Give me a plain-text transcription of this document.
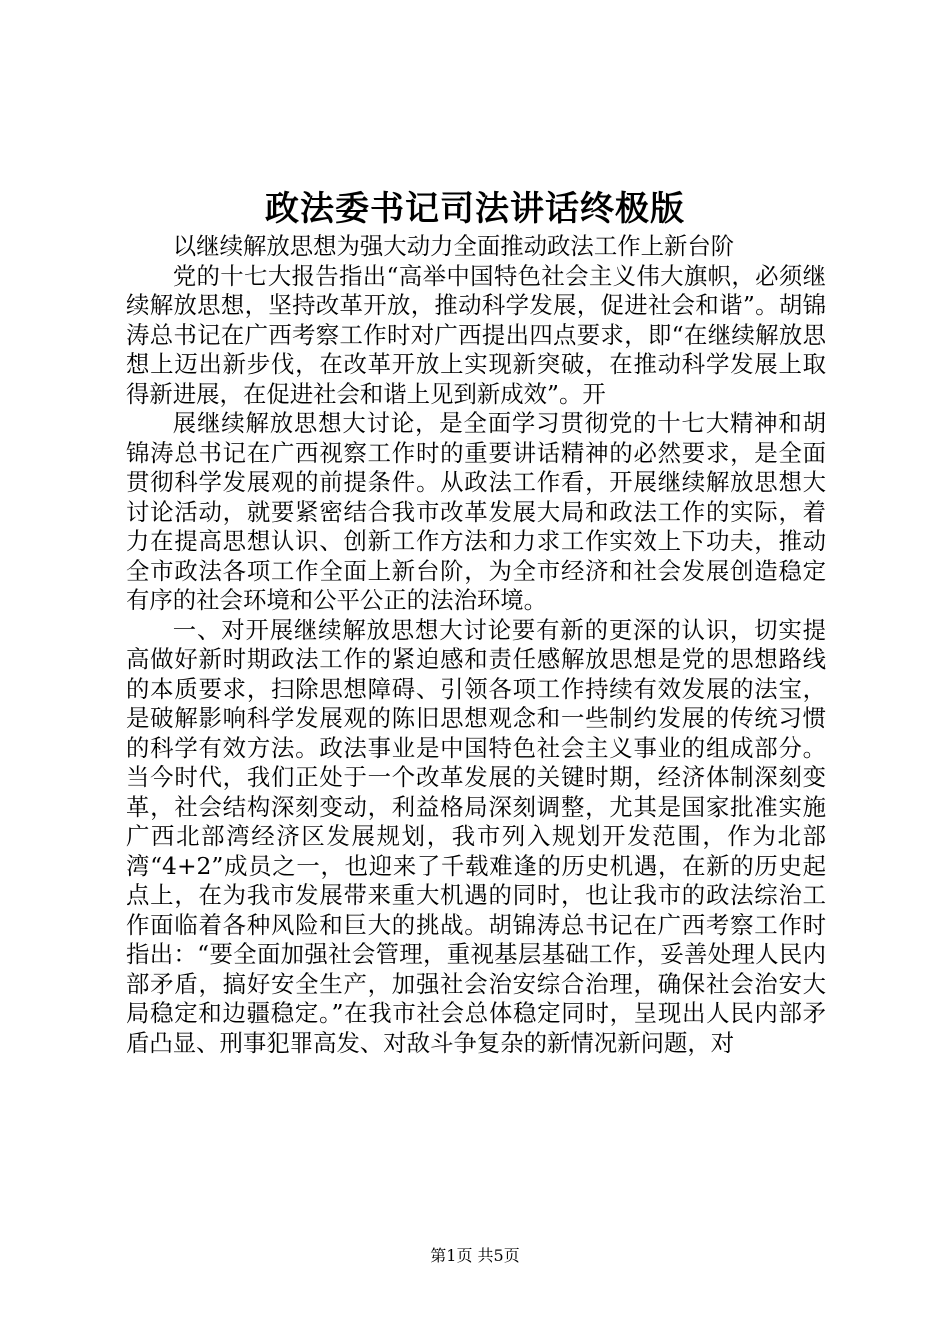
政法委书记司法讲话终极版

以继续解放思想为强大动力全面推动政法工作上新台阶

党的十七大报告指出“高举中国特色社会主义伟大旗帜，必须继续解放思想，坚持改革开放，推动科学发展，促进社会和谐”。胡锦涛总书记在广西考察工作时对广西提出四点要求，即“在继续解放思想上迈出新步伐，在改革开放上实现新突破，在推动科学发展上取得新进展，在促进社会和谐上见到新成效”。开

展继续解放思想大讨论，是全面学习贯彻党的十七大精神和胡锦涛总书记在广西视察工作时的重要讲话精神的必然要求，是全面贯彻科学发展观的前提条件。从政法工作看，开展继续解放思想大讨论活动，就要紧密结合我市改革发展大局和政法工作的实际，着力在提高思想认识、创新工作方法和力求工作实效上下功夫，推动全市政法各项工作全面上新台阶，为全市经济和社会发展创造稳定有序的社会环境和公平公正的法治环境。

一、对开展继续解放思想大讨论要有新的更深的认识，切实提高做好新时期政法工作的紧迫感和责任感解放思想是党的思想路线的本质要求，扫除思想障碍、引领各项工作持续有效发展的法宝，是破解影响科学发展观的陈旧思想观念和一些制约发展的传统习惯的科学有效方法。政法事业是中国特色社会主义事业的组成部分。当今时代，我们正处于一个改革发展的关键时期，经济体制深刻变革，社会结构深刻变动，利益格局深刻调整，尤其是国家批准实施广西北部湾经济区发展规划，我市列入规划开发范围，作为北部湾“4+2”成员之一，也迎来了千载难逢的历史机遇，在新的历史起点上，在为我市发展带来重大机遇的同时，也让我市的政法综治工作面临着各种风险和巨大的挑战。胡锦涛总书记在广西考察工作时指出：“要全面加强社会管理，重视基层基础工作，妥善处理人民内部矛盾，搞好安全生产，加强社会治安综合治理，确保社会治安大局稳定和边疆稳定。”在我市社会总体稳定同时，呈现出人民内部矛盾凸显、刑事犯罪高发、对敌斗争复杂的新情况新问题，对

第1页 共5页
